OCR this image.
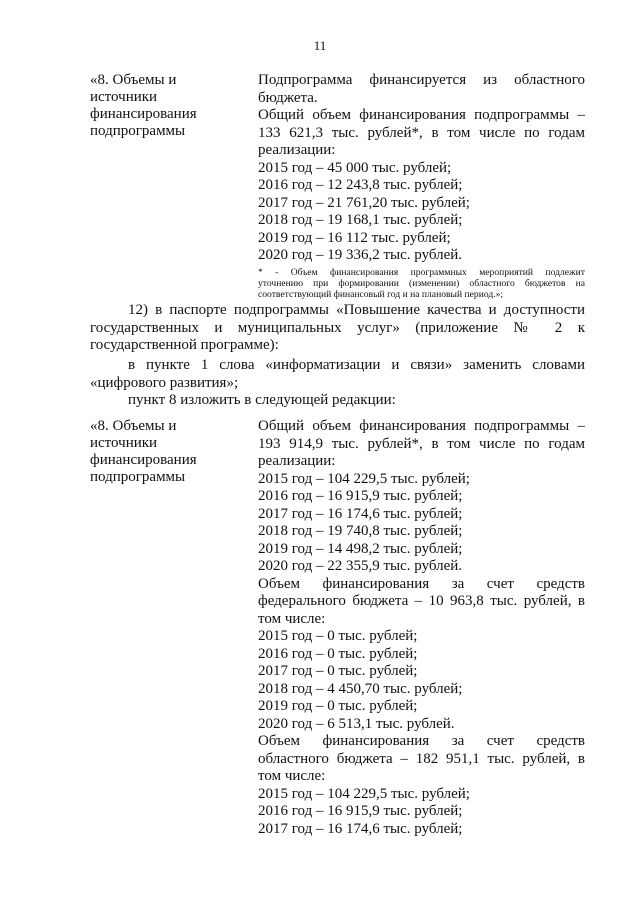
11
«8. Объемы и
источники
финансирования
подпрограммы
Подпрограмма финансируется из областного
бюджета.
Общий объем финансирования подпрограммы –
133 621,3 тыс. рублей*, в том числе по годам
реализации:
2015 год – 45 000 тыс. рублей;
2016 год – 12 243,8 тыс. рублей;
2017 год – 21 761,20 тыс. рублей;
2018 год – 19 168,1 тыс. рублей;
2019 год – 16 112 тыс. рублей;
2020 год – 19 336,2 тыс. рублей.
* - Объем финансирования программных мероприятий подлежит
уточнению при формировании (изменении) областного бюджетов на
соответствующий финансовый год и на плановый период.»;
12) в паспорте подпрограммы «Повышение качества и доступности
государственных и муниципальных услуг» (приложение № 2 к
государственной программе):
в пункте 1 слова «информатизации и связи» заменить словами
«цифрового развития»;
пункт 8 изложить в следующей редакции:
«8. Объемы и
источники
финансирования
подпрограммы
Общий объем финансирования подпрограммы –
193 914,9 тыс. рублей*, в том числе по годам
реализации:
2015 год – 104 229,5 тыс. рублей;
2016 год – 16 915,9 тыс. рублей;
2017 год – 16 174,6 тыс. рублей;
2018 год – 19 740,8 тыс. рублей;
2019 год – 14 498,2 тыс. рублей;
2020 год – 22 355,9 тыс. рублей.
Объем финансирования за счет средств
федерального бюджета – 10 963,8 тыс. рублей, в
том числе:
2015 год – 0 тыс. рублей;
2016 год – 0 тыс. рублей;
2017 год – 0 тыс. рублей;
2018 год – 4 450,70 тыс. рублей;
2019 год – 0 тыс. рублей;
2020 год – 6 513,1 тыс. рублей.
Объем финансирования за счет средств
областного бюджета – 182 951,1 тыс. рублей, в
том числе:
2015 год – 104 229,5 тыс. рублей;
2016 год – 16 915,9 тыс. рублей;
2017 год – 16 174,6 тыс. рублей;
